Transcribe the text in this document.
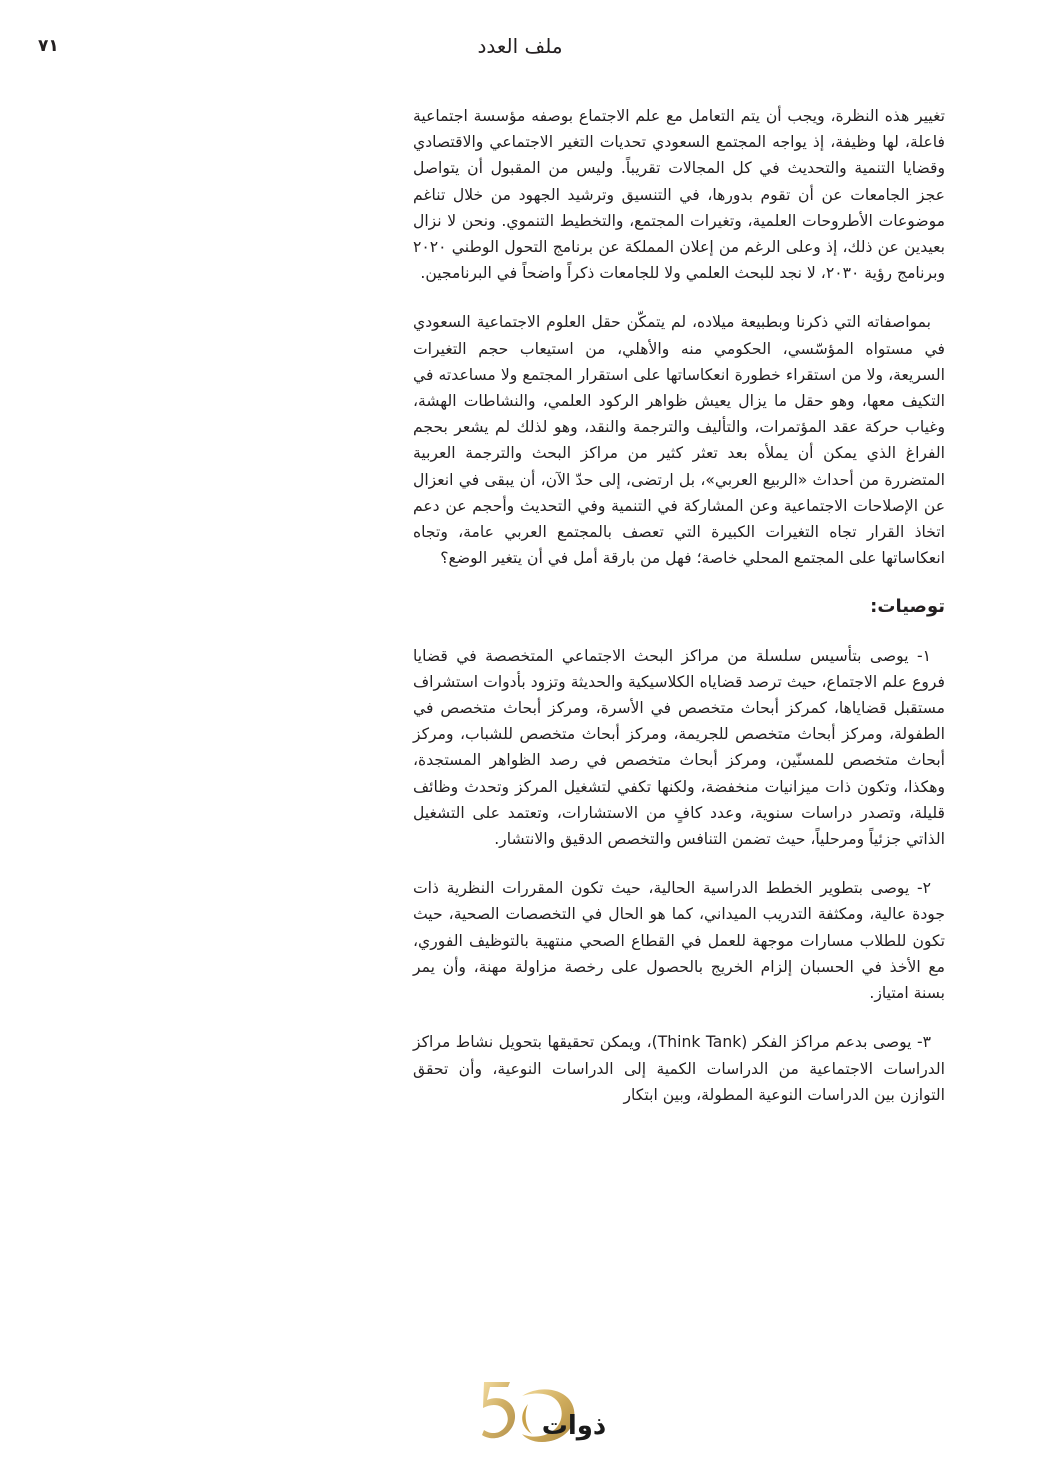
٧١	ملف العدد

تغيير هذه النظرة، ويجب أن يتم التعامل مع علم الاجتماع بوصفه مؤسسة اجتماعية فاعلة، لها وظيفة، إذ يواجه المجتمع السعودي تحديات التغير الاجتماعي والاقتصادي وقضايا التنمية والتحديث في كل المجالات تقريباً. وليس من المقبول أن يتواصل عجز الجامعات عن أن تقوم بدورها، في التنسيق وترشيد الجهود من خلال تناغم موضوعات الأطروحات العلمية، وتغيرات المجتمع، والتخطيط التنموي. ونحن لا نزال بعيدين عن ذلك، إذ وعلى الرغم من إعلان المملكة عن برنامج التحول الوطني ٢٠٢٠ وبرنامج رؤية ٢٠٣٠، لا نجد للبحث العلمي ولا للجامعات ذكراً واضحاً في البرنامجين.

بمواصفاته التي ذكرنا وبطبيعة ميلاده، لم يتمكّن حقل العلوم الاجتماعية السعودي في مستواه المؤسّسي، الحكومي منه والأهلي، من استيعاب حجم التغيرات السريعة، ولا من استقراء خطورة انعكاساتها على استقرار المجتمع ولا مساعدته في التكيف معها، وهو حقل ما يزال يعيش ظواهر الركود العلمي، والنشاطات الهشة، وغياب حركة عقد المؤتمرات، والتأليف والترجمة والنقد، وهو لذلك لم يشعر بحجم الفراغ الذي يمكن أن يملأه بعد تعثر كثير من مراكز البحث والترجمة العربية المتضررة من أحداث «الربيع العربي»، بل ارتضى، إلى حدّ الآن، أن يبقى في انعزال عن الإصلاحات الاجتماعية وعن المشاركة في التنمية وفي التحديث وأحجم عن دعم اتخاذ القرار تجاه التغيرات الكبيرة التي تعصف بالمجتمع العربي عامة، وتجاه انعكاساتها على المجتمع المحلي خاصة؛ فهل من بارقة أمل في أن يتغير الوضع؟

توصيات:

١- يوصى بتأسيس سلسلة من مراكز البحث الاجتماعي المتخصصة في قضايا فروع علم الاجتماع، حيث ترصد قضاياه الكلاسيكية والحديثة وتزود بأدوات استشراف مستقبل قضاياها، كمركز أبحاث متخصص في الأسرة، ومركز أبحاث متخصص في الطفولة، ومركز أبحاث متخصص للجريمة، ومركز أبحاث متخصص للشباب، ومركز أبحاث متخصص للمسنّين، ومركز أبحاث متخصص في رصد الظواهر المستجدة، وهكذا، وتكون ذات ميزانيات منخفضة، ولكنها تكفي لتشغيل المركز وتحدث وظائف قليلة، وتصدر دراسات سنوية، وعدد كافٍ من الاستشارات، وتعتمد على التشغيل الذاتي جزئياً ومرحلياً، حيث تضمن التنافس والتخصص الدقيق والانتشار.

٢- يوصى بتطوير الخطط الدراسية الحالية، حيث تكون المقررات النظرية ذات جودة عالية، ومكثفة التدريب الميداني، كما هو الحال في التخصصات الصحية، حيث تكون للطلاب مسارات موجهة للعمل في القطاع الصحي منتهية بالتوظيف الفوري، مع الأخذ في الحسبان إلزام الخريج بالحصول على رخصة مزاولة مهنة، وأن يمر بسنة امتياز.

٣- يوصى بدعم مراكز الفكر (Think Tank)، ويمكن تحقيقها بتحويل نشاط مراكز الدراسات الاجتماعية من الدراسات الكمية إلى الدراسات النوعية، وأن تحقق التوازن بين الدراسات النوعية المطولة، وبين ابتكار

ذوات
